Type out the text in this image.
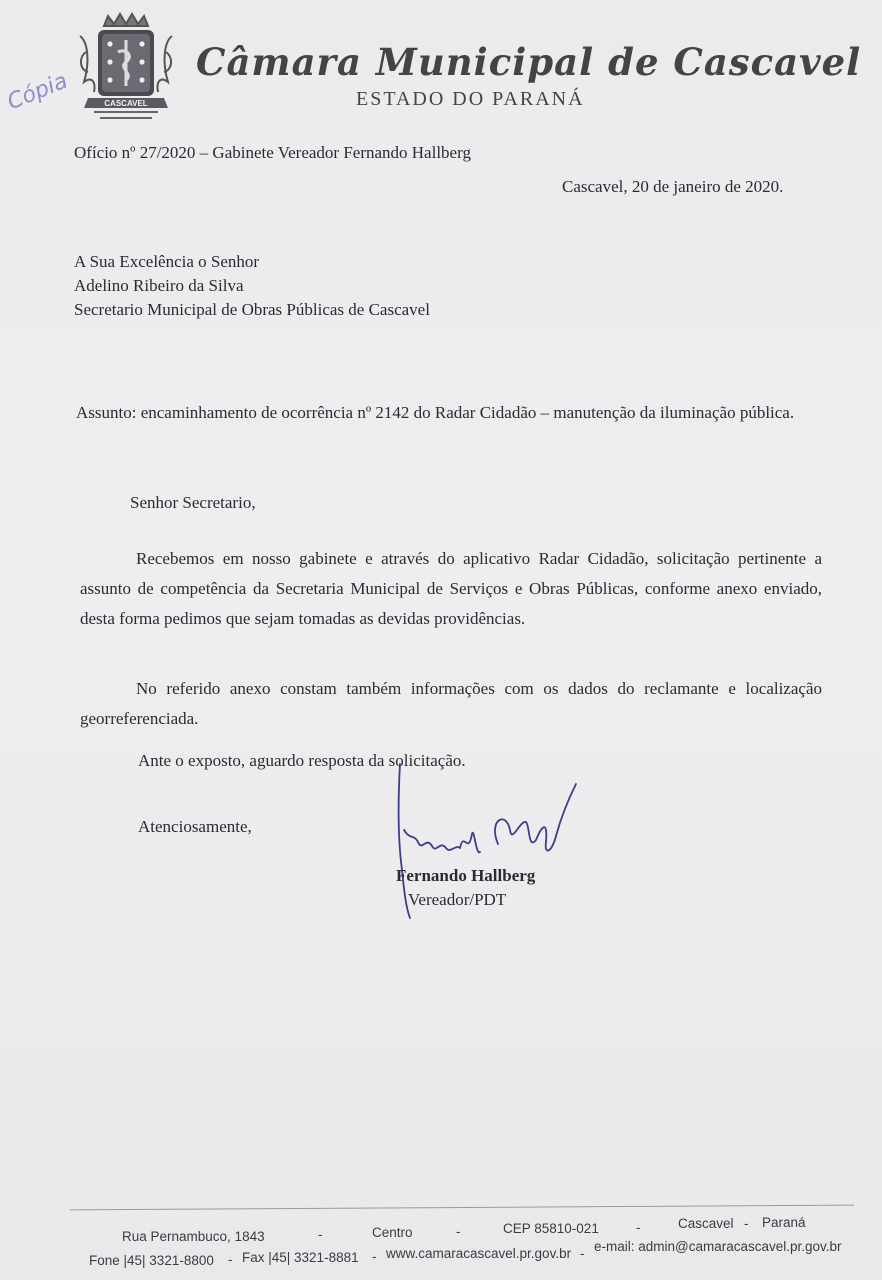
CASCAVEL
Câmara Municipal de Cascavel
ESTADO DO PARANÁ
Cópia
Ofício nº 27/2020 – Gabinete Vereador Fernando Hallberg
Cascavel, 20 de janeiro de 2020.
A Sua Excelência o Senhor
Adelino Ribeiro da Silva
Secretario Municipal de Obras Públicas de Cascavel
Assunto: encaminhamento de ocorrência nº 2142 do Radar Cidadão – manutenção da iluminação pública.
Senhor Secretario,
Recebemos em nosso gabinete e através do aplicativo Radar Cidadão, solicitação pertinente a assunto de competência da Secretaria Municipal de Serviços e Obras Públicas, conforme anexo enviado, desta forma pedimos que sejam tomadas as devidas providências.
No referido anexo constam também informações com os dados do reclamante e localização georreferenciada.
Ante o exposto, aguardo resposta da solicitação.
Atenciosamente,
Fernando Hallberg
Vereador/PDT
Rua Pernambuco, 1843	-	Centro	-	CEP 85810-021	-	Cascavel - Paraná
Fone |45| 3321-8800 - Fax |45| 3321-8881 - www.camaracascavel.pr.gov.br - e-mail: admin@camaracascavel.pr.gov.br
